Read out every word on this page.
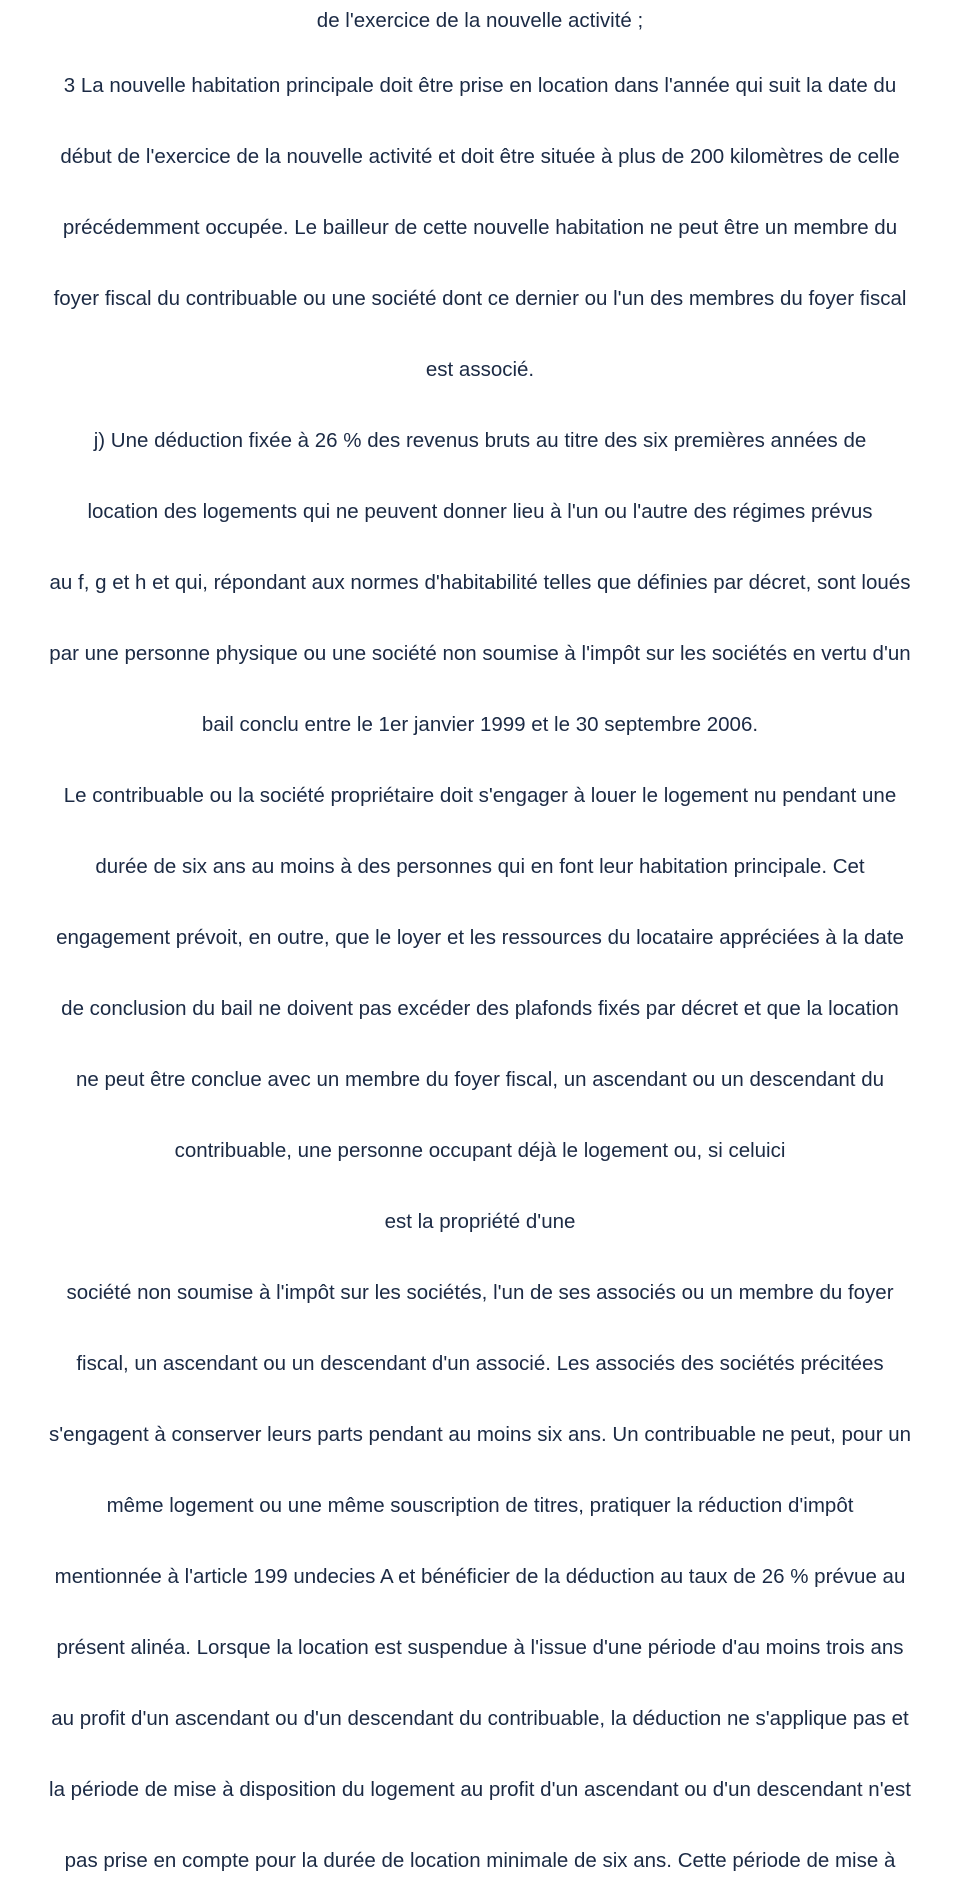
de l'exercice de la nouvelle activité ;
3 La nouvelle habitation principale doit être prise en location dans l'année qui suit la date du
début de l'exercice de la nouvelle activité et doit être située à plus de 200 kilomètres de celle
précédemment occupée. Le bailleur de cette nouvelle habitation ne peut être un membre du
foyer fiscal du contribuable ou une société dont ce dernier ou l'un des membres du foyer fiscal
est associé.
j) Une déduction fixée à 26 % des revenus bruts au titre des six premières années de
location des logements qui ne peuvent donner lieu à l'un ou l'autre des régimes prévus
au f, g et h et qui, répondant aux normes d'habitabilité telles que définies par décret, sont loués
par une personne physique ou une société non soumise à l'impôt sur les sociétés en vertu d'un
bail conclu entre le 1er janvier 1999 et le 30 septembre 2006.
Le contribuable ou la société propriétaire doit s'engager à louer le logement nu pendant une
durée de six ans au moins à des personnes qui en font leur habitation principale. Cet
engagement prévoit, en outre, que le loyer et les ressources du locataire appréciées à la date
de conclusion du bail ne doivent pas excéder des plafonds fixés par décret et que la location
ne peut être conclue avec un membre du foyer fiscal, un ascendant ou un descendant du
contribuable, une personne occupant déjà le logement ou, si celuici
est la propriété d'une
société non soumise à l'impôt sur les sociétés, l'un de ses associés ou un membre du foyer
fiscal, un ascendant ou un descendant d'un associé. Les associés des sociétés précitées
s'engagent à conserver leurs parts pendant au moins six ans. Un contribuable ne peut, pour un
même logement ou une même souscription de titres, pratiquer la réduction d'impôt
mentionnée à l'article 199 undecies A et bénéficier de la déduction au taux de 26 % prévue au
présent alinéa. Lorsque la location est suspendue à l'issue d'une période d'au moins trois ans
au profit d'un ascendant ou d'un descendant du contribuable, la déduction ne s'applique pas et
la période de mise à disposition du logement au profit d'un ascendant ou d'un descendant n'est
pas prise en compte pour la durée de location minimale de six ans. Cette période de mise à
